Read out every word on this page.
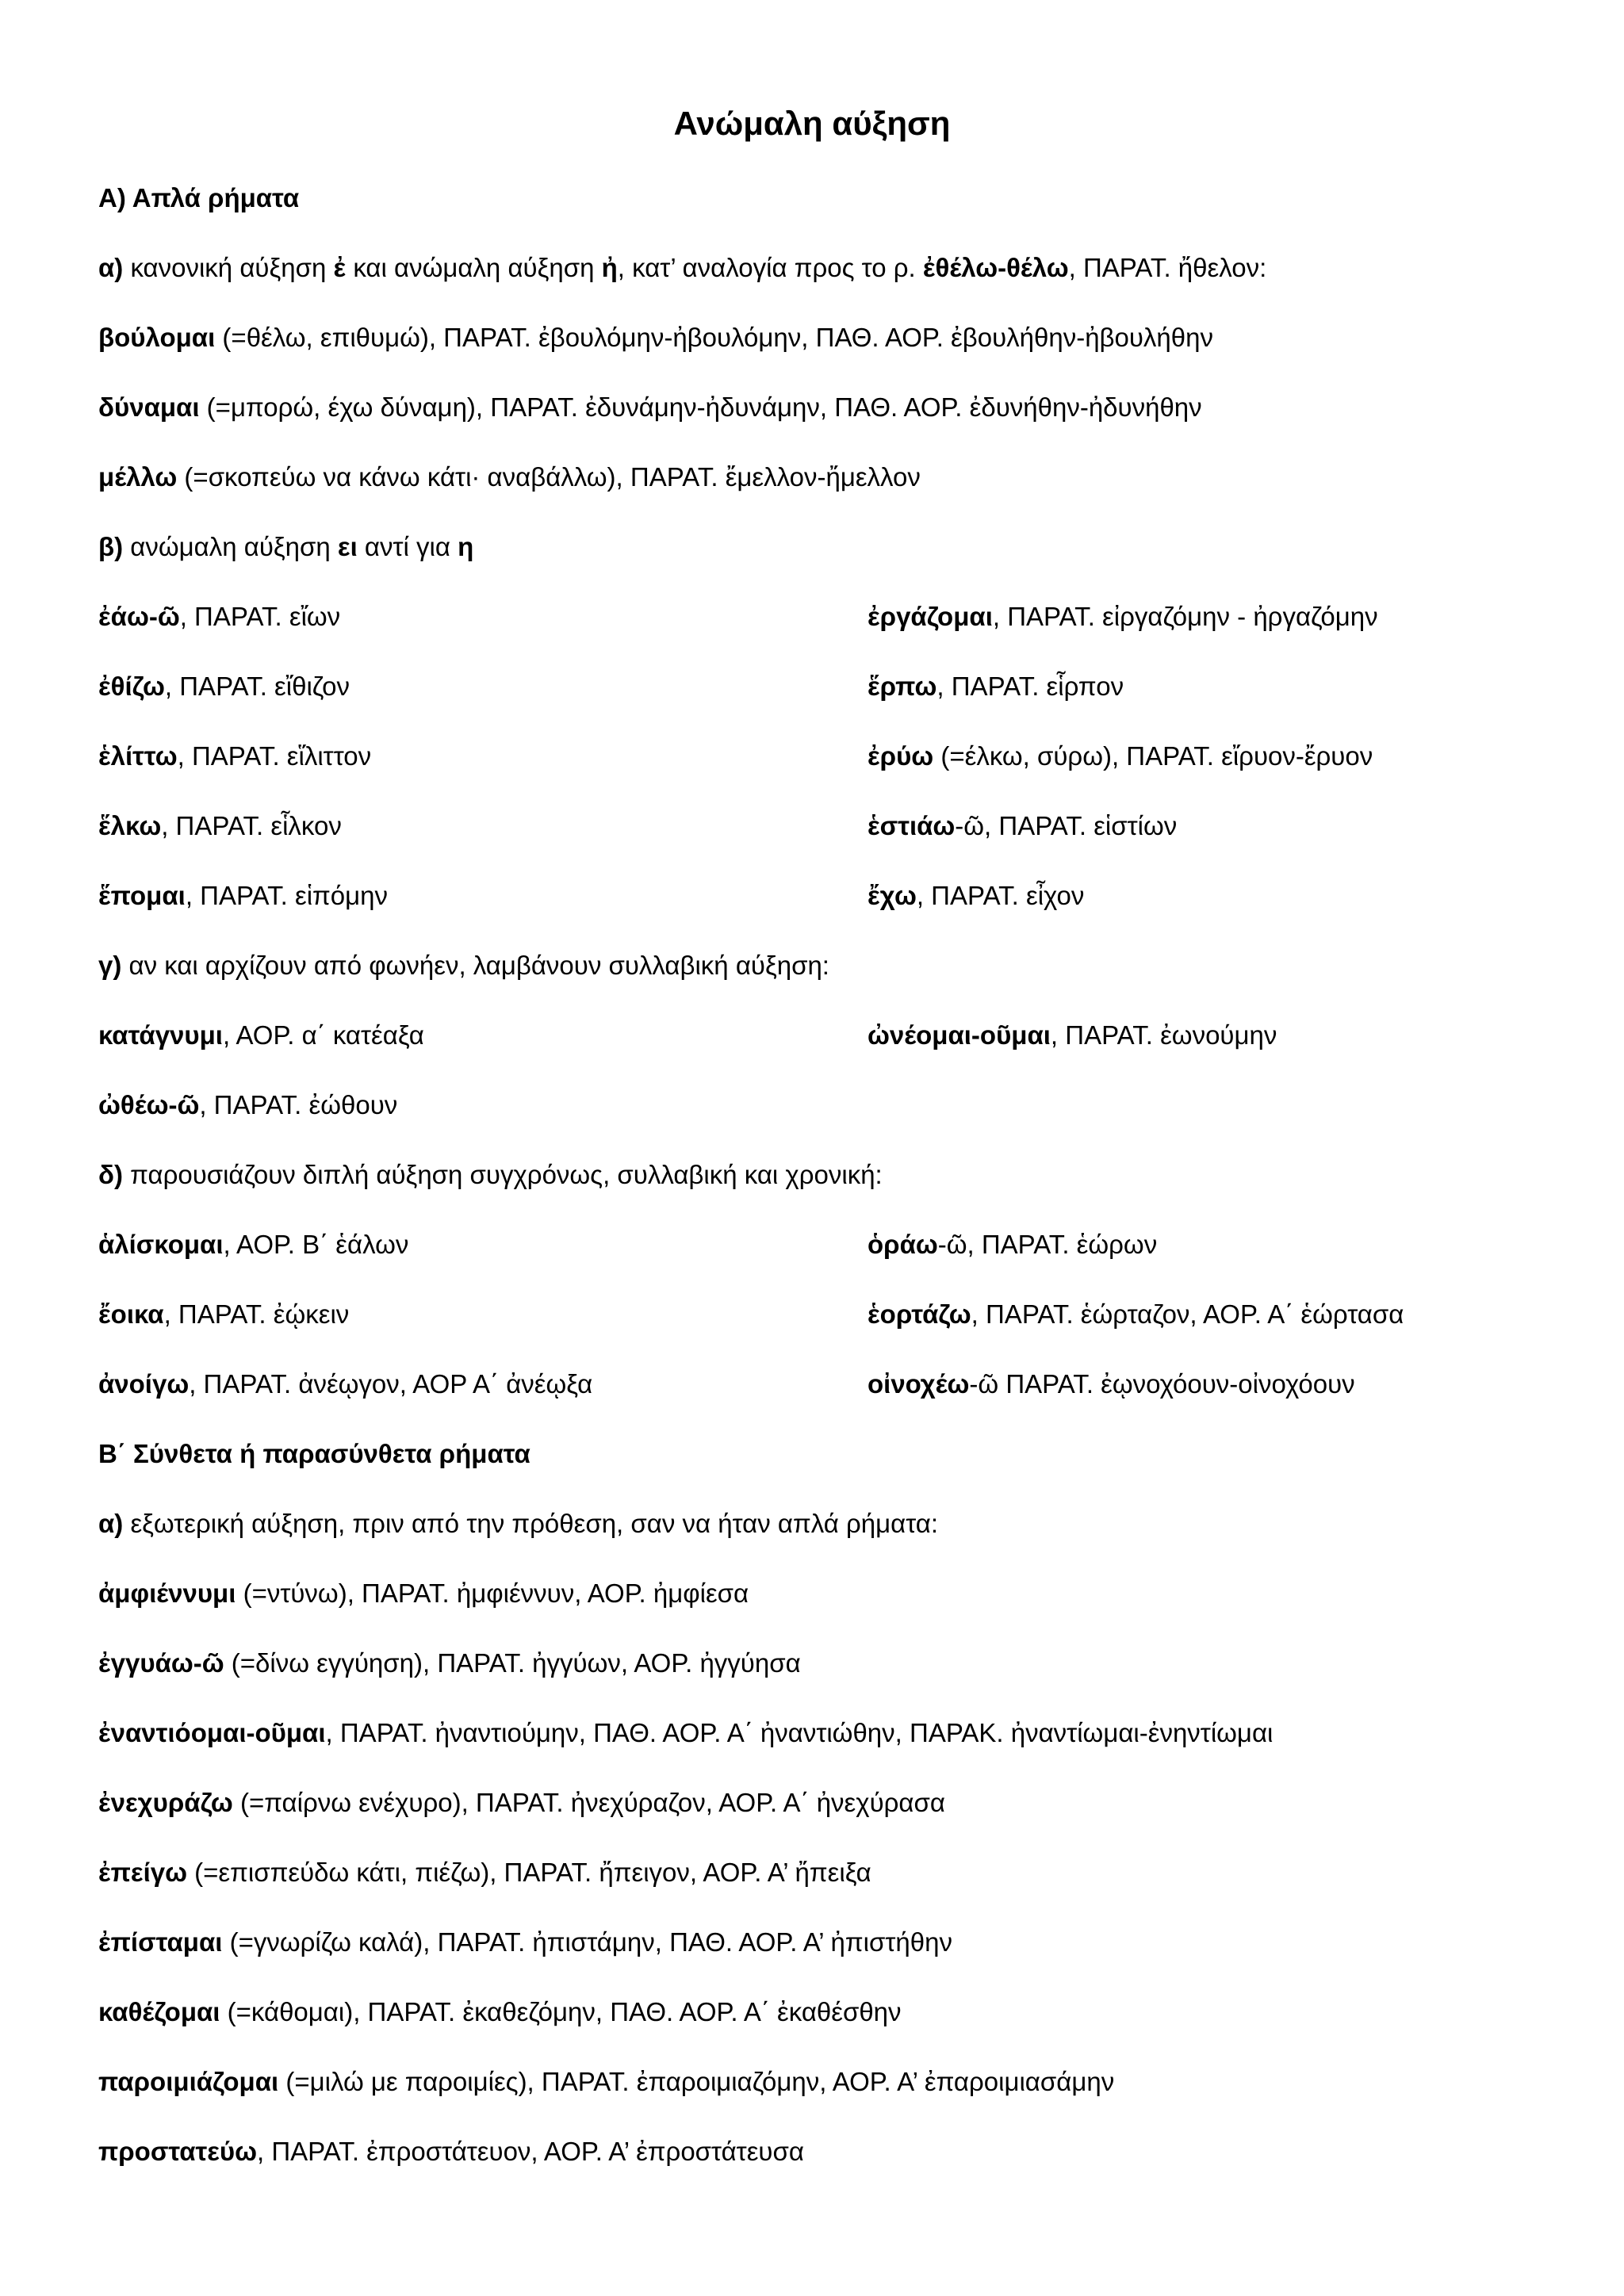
Ανώμαλη αύξηση
Α) Απλά ρήματα
α) κανονική αύξηση ἐ και ανώμαλη αύξηση ἠ, κατ’ αναλογία προς το ρ. ἐθέλω-θέλω, ΠΑΡΑΤ. ἤθελον:
βούλομαι (=θέλω, επιθυμώ), ΠΑΡΑΤ. ἐβουλόμην-ἠβουλόμην, ΠΑΘ. ΑΟΡ. ἐβουλήθην-ἠβουλήθην
δύναμαι (=μπορώ, έχω δύναμη), ΠΑΡΑΤ. ἐδυνάμην-ἠδυνάμην, ΠΑΘ. ΑΟΡ. ἐδυνήθην-ἠδυνήθην
μέλλω (=σκοπεύω να κάνω κάτι· αναβάλλω), ΠΑΡΑΤ. ἔμελλον-ἤμελλον
β) ανώμαλη αύξηση ει αντί για η
ἐάω-ῶ, ΠΑΡΑΤ. εἴων	ἐργάζομαι, ΠΑΡΑΤ. εἰργαζόμην - ἠργαζόμην
ἐθίζω, ΠΑΡΑΤ. εἴθιζον	ἕρπω, ΠΑΡΑΤ. εἷρπον
ἑλίττω, ΠΑΡΑΤ. εἵλιττον	ἐρύω (=έλκω, σύρω), ΠΑΡΑΤ. εἴρυον-ἔρυον
ἕλκω, ΠΑΡΑΤ. εἷλκον	ἑστιάω-ῶ, ΠΑΡΑΤ. εἱστίων
ἕπομαι, ΠΑΡΑΤ. εἱπόμην	ἔχω, ΠΑΡΑΤ. εἶχον
γ) αν και αρχίζουν από φωνήεν, λαμβάνουν συλλαβική αύξηση:
κατάγνυμι, ΑΟΡ. α΄ κατέαξα	ὠνέομαι-οῦμαι, ΠΑΡΑΤ. ἐωνούμην
ὠθέω-ῶ, ΠΑΡΑΤ. ἐώθουν
δ) παρουσιάζουν διπλή αύξηση συγχρόνως, συλλαβική και χρονική:
ἁλίσκομαι, ΑΟΡ. Β΄ ἑάλων	ὁράω-ῶ, ΠΑΡΑΤ. ἑώρων
ἔοικα, ΠΑΡΑΤ. ἐῴκειν	ἑορτάζω, ΠΑΡΑΤ. ἑώρταζον, ΑΟΡ. Α΄ ἑώρτασα
ἀνοίγω, ΠΑΡΑΤ. ἀνέῳγον, ΑΟΡ Α΄ ἀνέῳξα	οἰνοχέω-ῶ ΠΑΡΑΤ. ἐῳνοχόουν-οἰνοχόουν
Β΄ Σύνθετα ή παρασύνθετα ρήματα
α) εξωτερική αύξηση, πριν από την πρόθεση, σαν να ήταν απλά ρήματα:
ἀμφιέννυμι (=ντύνω), ΠΑΡΑΤ. ἠμφιέννυν, ΑΟΡ. ἠμφίεσα
ἐγγυάω-ῶ (=δίνω εγγύηση), ΠΑΡΑΤ. ἠγγύων, ΑΟΡ. ἠγγύησα
ἐναντιόομαι-οῦμαι, ΠΑΡΑΤ. ἠναντιούμην, ΠΑΘ. ΑΟΡ. Α΄ ἠναντιώθην, ΠΑΡΑΚ. ἠναντίωμαι-ἐνηντίωμαι
ἐνεχυράζω (=παίρνω ενέχυρο), ΠΑΡΑΤ. ἠνεχύραζον, ΑΟΡ. Α΄ ἠνεχύρασα
ἐπείγω (=επισπεύδω κάτι, πιέζω), ΠΑΡΑΤ. ἤπειγον, ΑΟΡ. Α’ ἤπειξα
ἐπίσταμαι (=γνωρίζω καλά), ΠΑΡΑΤ. ἠπιστάμην, ΠΑΘ. ΑΟΡ. Α’ ἠπιστήθην
καθέζομαι (=κάθομαι), ΠΑΡΑΤ. ἐκαθεζόμην, ΠΑΘ. ΑΟΡ. Α΄ ἐκαθέσθην
παροιμιάζομαι (=μιλώ με παροιμίες), ΠΑΡΑΤ. ἐπαροιμιαζόμην, ΑΟΡ. Α’ ἐπαροιμιασάμην
προστατεύω, ΠΑΡΑΤ. ἐπροστάτευον, ΑΟΡ. Α’ ἐπροστάτευσα
